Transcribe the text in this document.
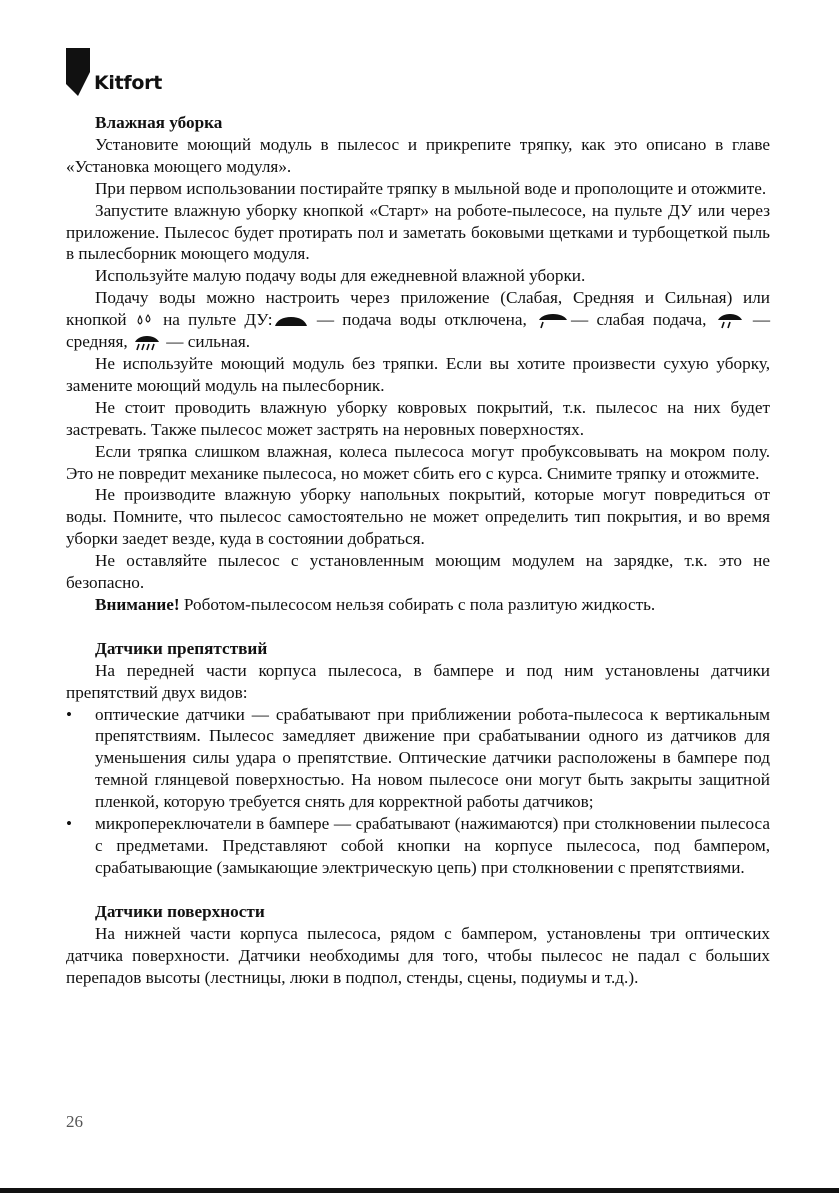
Kitfort
Влажная уборка

Установите моющий модуль в пылесос и прикрепите тряпку, как это описано в главе «Установка моющего модуля».

При первом использовании постирайте тряпку в мыльной воде и прополощите и отожмите.

Запустите влажную уборку кнопкой «Старт» на роботе-пылесосе, на пульте ДУ или через приложение. Пылесос будет протирать пол и заметать боковыми щетками и турбощеткой пыль в пылесборник моющего модуля.

Используйте малую подачу воды для ежедневной влажной уборки.

Подачу воды можно настроить через приложение (Слабая, Средняя и Сильная) или кнопкой на пульте ДУ:	— подача воды отключена,	— слабая подача,	— средняя, — сильная.

Не используйте моющий модуль без тряпки. Если вы хотите произвести сухую уборку, замените моющий модуль на пылесборник.

Не стоит проводить влажную уборку ковровых покрытий, т.к. пылесос на них будет застревать. Также пылесос может застрять на неровных поверхностях.

Если тряпка слишком влажная, колеса пылесоса могут пробуксовывать на мокром полу. Это не повредит механике пылесоса, но может сбить его с курса. Снимите тряпку и отожмите.

Не производите влажную уборку напольных покрытий, которые могут повредиться от воды. Помните, что пылесос самостоятельно не может определить тип покрытия, и во время уборки заедет везде, куда в состоянии добраться.

Не оставляйте пылесос с установленным моющим модулем на зарядке, т.к. это не безопасно.

Внимание! Роботом-пылесосом нельзя собирать с пола разлитую жидкость.

Датчики препятствий

На передней части корпуса пылесоса, в бампере и под ним установлены датчики препятствий двух видов:

• оптические датчики — срабатывают при приближении робота-пылесоса к вертикальным препятствиям. Пылесос замедляет движение при срабатывании одного из датчиков для уменьшения силы удара о препятствие. Оптические датчики расположены в бампере под темной глянцевой поверхностью. На новом пылесосе они могут быть закрыты защитной пленкой, которую требуется снять для корректной работы датчиков;
• микропереключатели в бампере — срабатывают (нажимаются) при столкновении пылесоса с предметами. Представляют собой кнопки на корпусе пылесоса, под бампером, срабатывающие (замыкающие электрическую цепь) при столкновении с препятствиями.
Датчики поверхности

На нижней части корпуса пылесоса, рядом с бампером, установлены три оптических датчика поверхности. Датчики необходимы для того, чтобы пылесос не падал с больших перепадов высоты (лестницы, люки в подпол, стенды, сцены, подиумы и т.д.).

26
